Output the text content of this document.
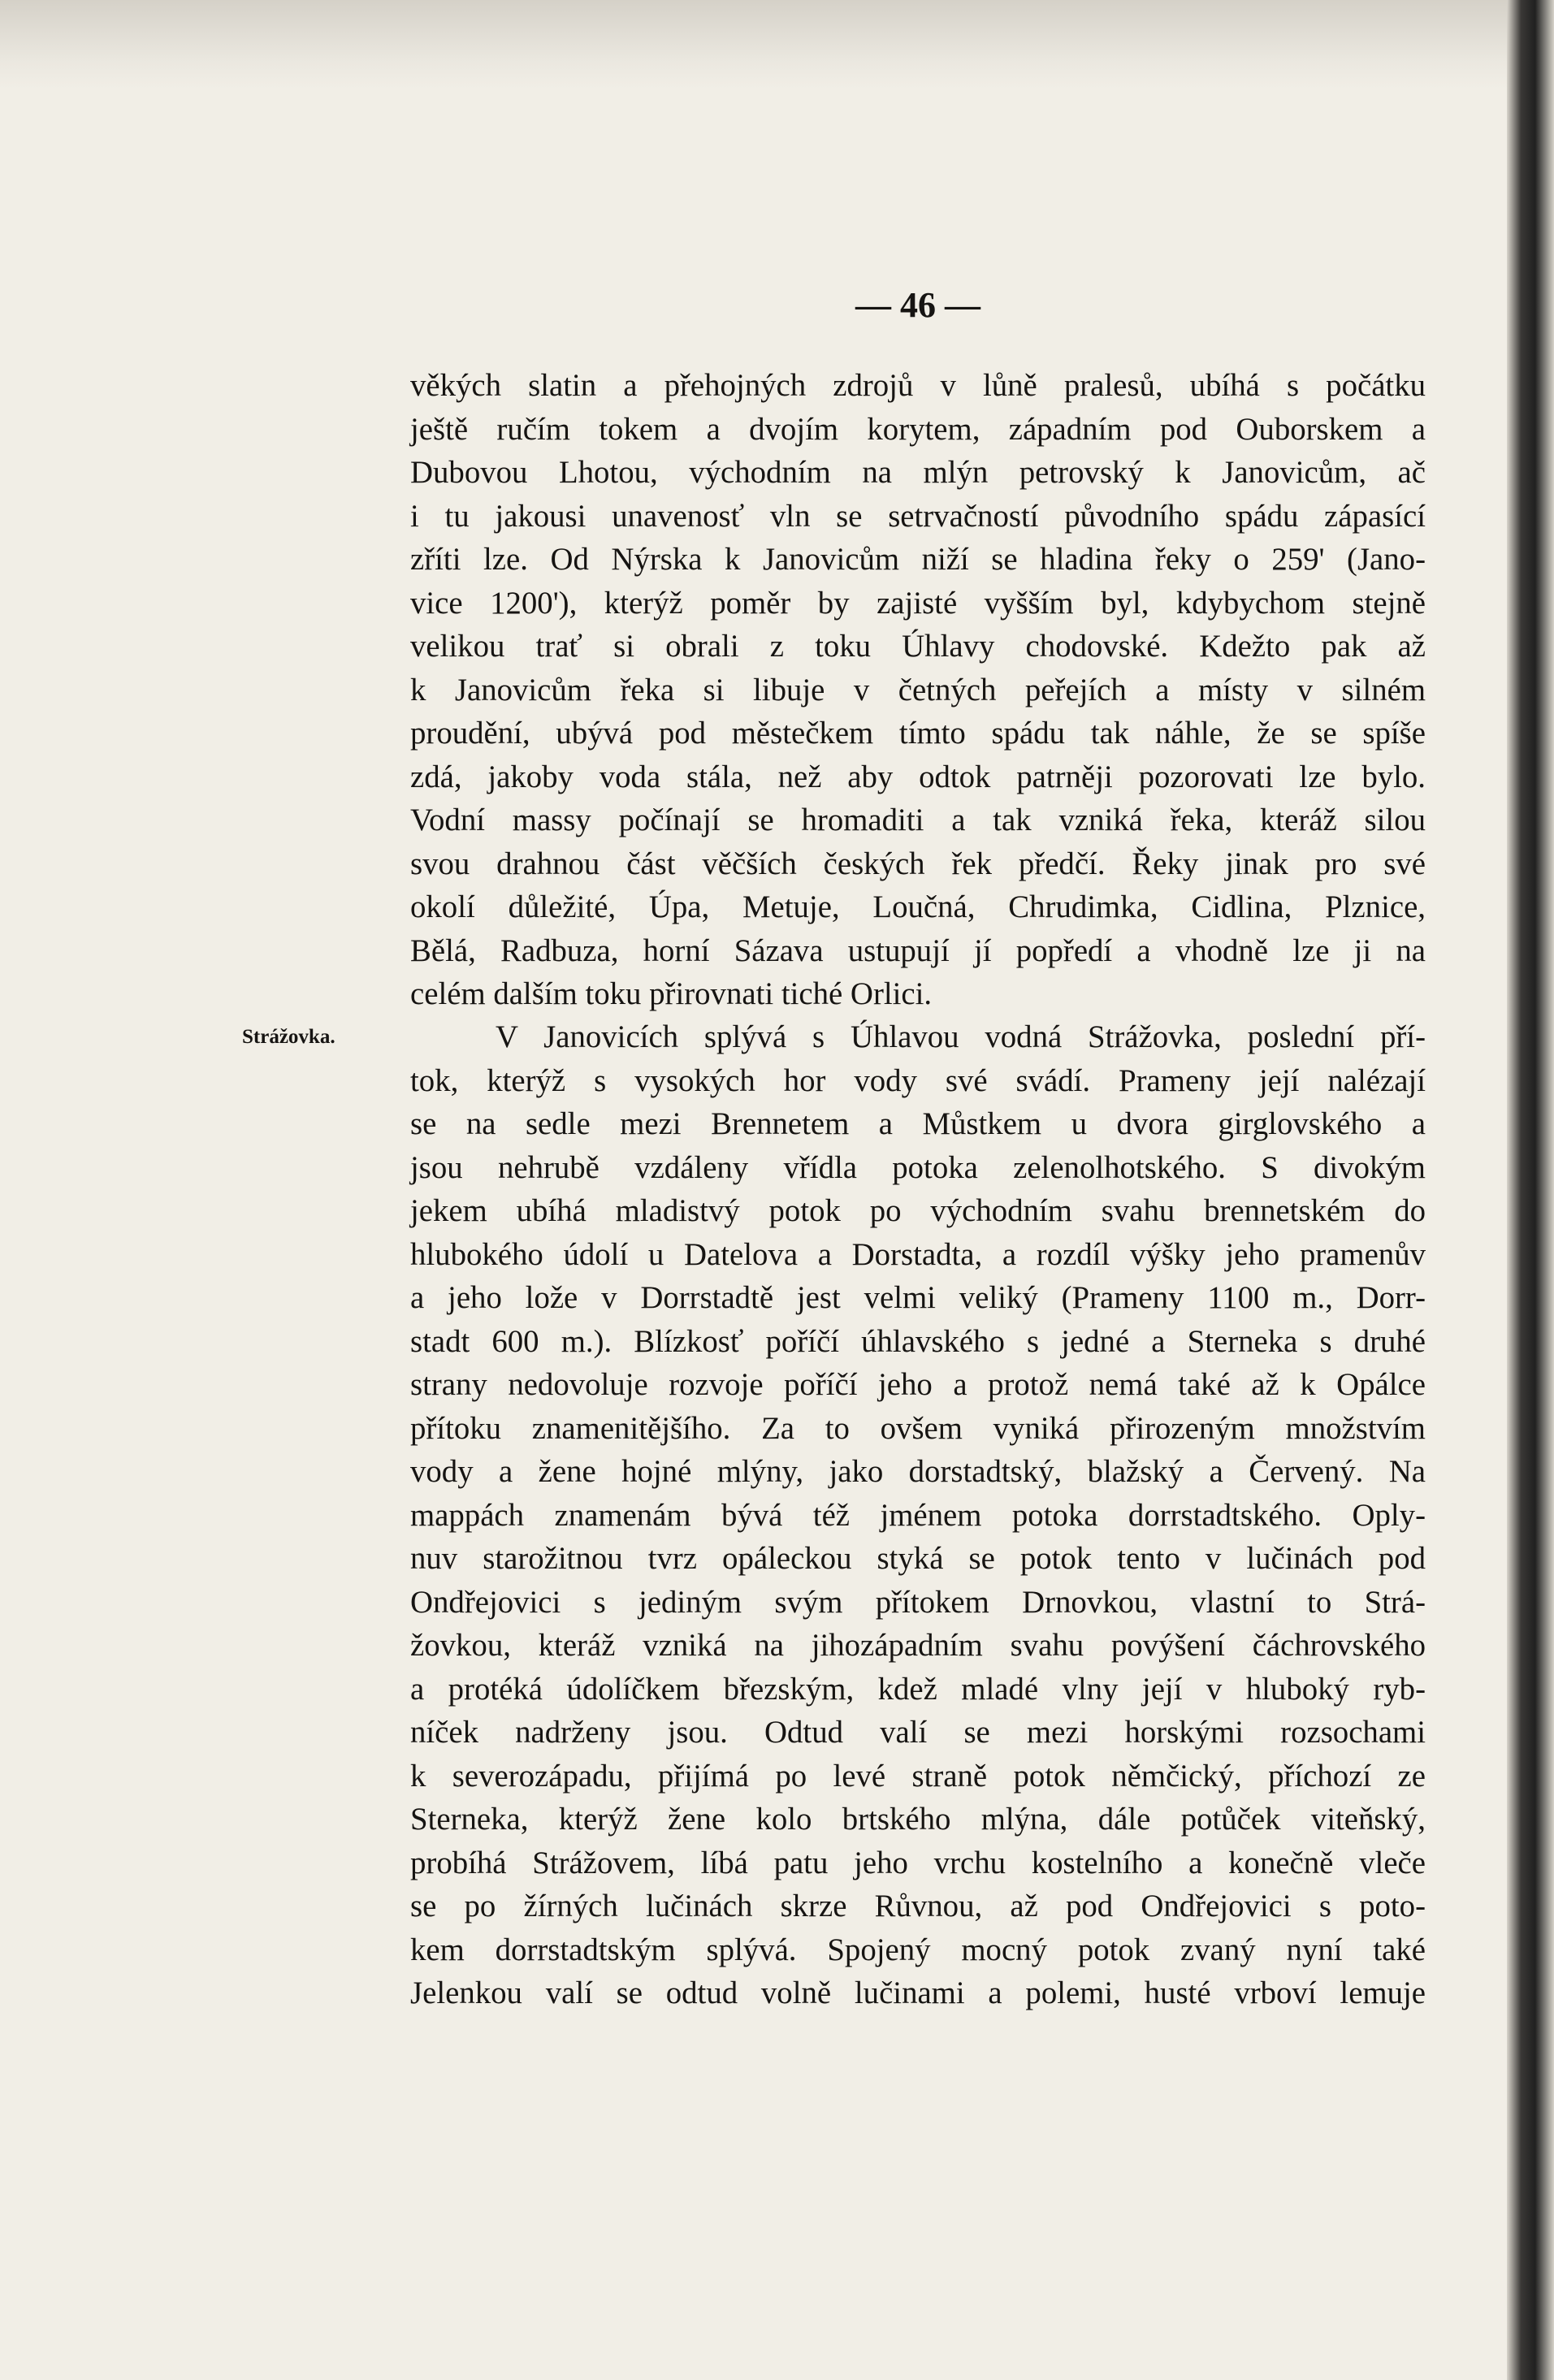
— 46 —
Strážovka.
věkých slatin a přehojných zdrojů v lůně pralesů, ubíhá s počátku
ještě ručím tokem a dvojím korytem, západním pod Ouborskem a
Dubovou Lhotou, východním na mlýn petrovský k Janovicům, ač
i tu jakousi unavenosť vln se setrvačností původního spádu zápasící
zříti lze. Od Nýrska k Janovicům niží se hladina řeky o 259' (Jano-
vice 1200'), kterýž poměr by zajisté vyšším byl, kdybychom stejně
velikou trať si obrali z toku Úhlavy chodovské. Kdežto pak až
k Janovicům řeka si libuje v četných peřejích a místy v silném
proudění, ubývá pod městečkem tímto spádu tak náhle, že se spíše
zdá, jakoby voda stála, než aby odtok patrněji pozorovati lze bylo.
Vodní massy počínají se hromaditi a tak vzniká řeka, kteráž silou
svou drahnou část věčších českých řek předčí. Řeky jinak pro své
okolí důležité, Úpa, Metuje, Loučná, Chrudimka, Cidlina, Plznice,
Bělá, Radbuza, horní Sázava ustupují jí popředí a vhodně lze ji na
celém dalším toku přirovnati tiché Orlici.
V Janovicích splývá s Úhlavou vodná Strážovka, poslední pří-
tok, kterýž s vysokých hor vody své svádí. Prameny její nalézají
se na sedle mezi Brennetem a Můstkem u dvora girglovského a
jsou nehrubě vzdáleny vřídla potoka zelenolhotského. S divokým
jekem ubíhá mladistvý potok po východním svahu brennetském do
hlubokého údolí u Datelova a Dorstadta, a rozdíl výšky jeho pramenův
a jeho lože v Dorrstadtě jest velmi veliký (Prameny 1100 m., Dorr-
stadt 600 m.). Blízkosť poříčí úhlavského s jedné a Sterneka s druhé
strany nedovoluje rozvoje poříčí jeho a protož nemá také až k Opálce
přítoku znamenitějšího. Za to ovšem vyniká přirozeným množstvím
vody a žene hojné mlýny, jako dorstadtský, blažský a Červený. Na
mappách znamenám bývá též jménem potoka dorrstadtského. Oply-
nuv starožitnou tvrz opáleckou styká se potok tento v lučinách pod
Ondřejovici s jediným svým přítokem Drnovkou, vlastní to Strá-
žovkou, kteráž vzniká na jihozápadním svahu povýšení čáchrovského
a protéká údolíčkem březským, kdež mladé vlny její v hluboký ryb-
níček nadrženy jsou. Odtud valí se mezi horskými rozsochami
k severozápadu, přijímá po levé straně potok němčický, příchozí ze
Sterneka, kterýž žene kolo brtského mlýna, dále potůček viteňský,
probíhá Strážovem, líbá patu jeho vrchu kostelního a konečně vleče
se po žírných lučinách skrze Růvnou, až pod Ondřejovici s poto-
kem dorrstadtským splývá. Spojený mocný potok zvaný nyní také
Jelenkou valí se odtud volně lučinami a polemi, husté vrboví lemuje
